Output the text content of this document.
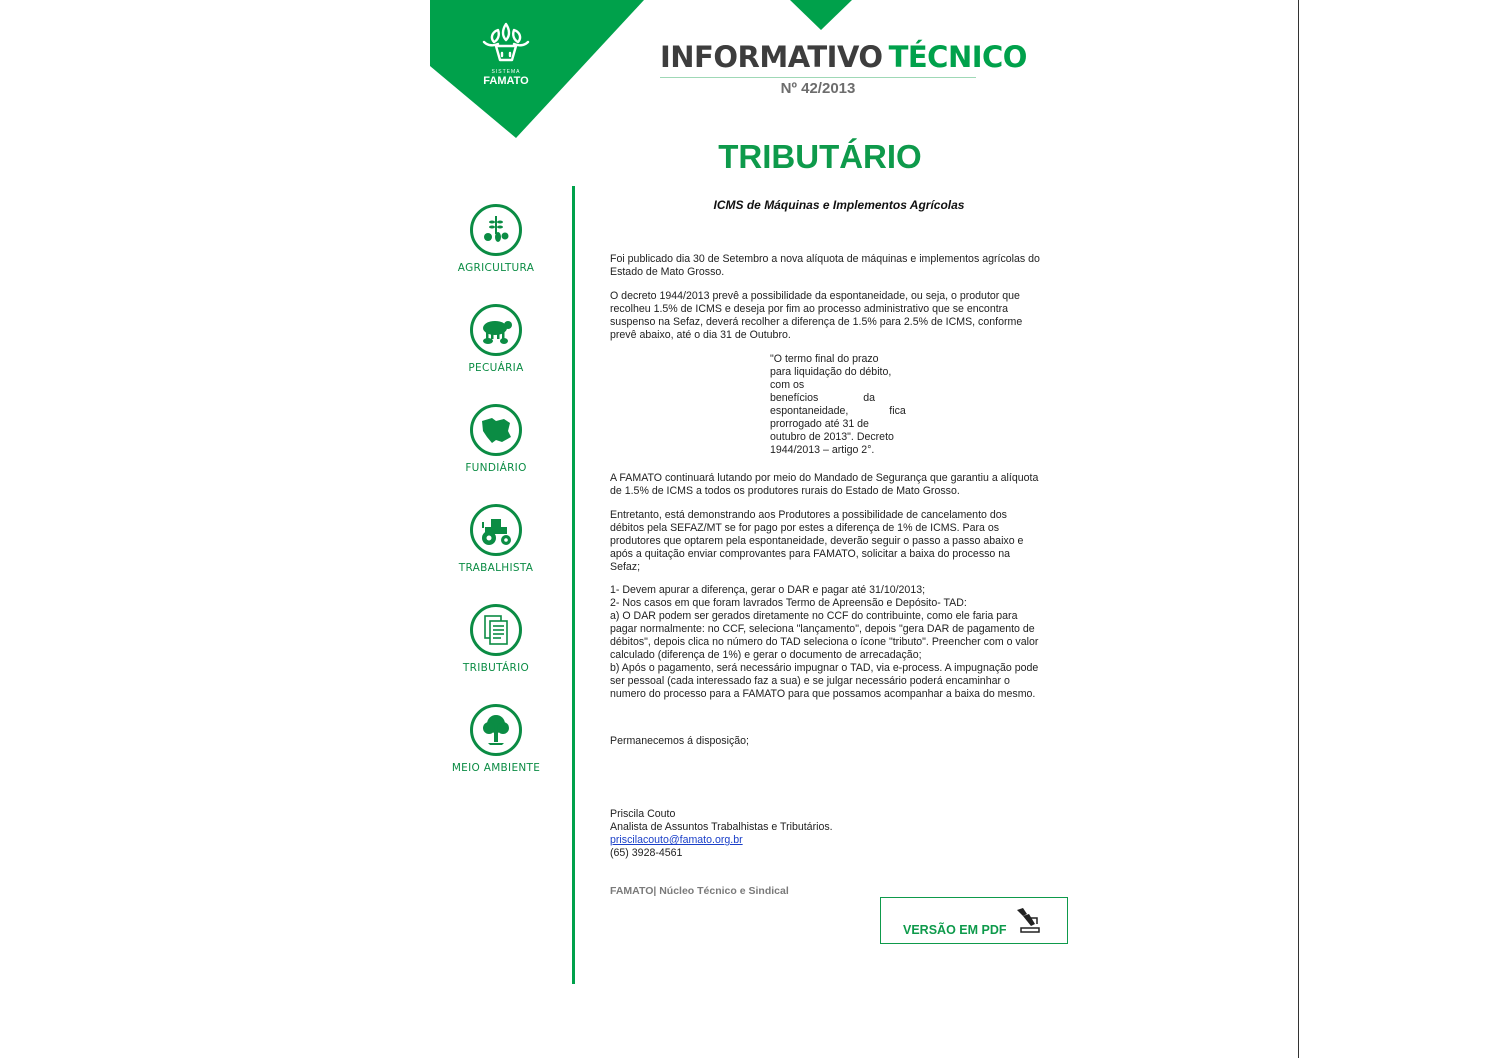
SISTEMA
FAMATO
INFORMATIVO TÉCNICO
Nº 42/2013
TRIBUTÁRIO
AGRICULTURA
PECUÁRIA
FUNDIÁRIO
TRABALHISTA
TRIBUTÁRIO
MEIO AMBIENTE
ICMS de Máquinas e Implementos Agrícolas
Foi publicado dia 30 de Setembro a nova alíquota de máquinas e implementos agrícolas do
Estado de Mato Grosso.
O decreto 1944/2013 prevê a possibilidade da espontaneidade, ou seja, o produtor que
recolheu 1.5% de ICMS e deseja por fim ao processo administrativo que se encontra
suspenso na Sefaz, deverá recolher a diferença de 1.5% para 2.5% de ICMS, conforme
prevê abaixo, até o dia 31 de Outubro.
"O termo final do prazo
para liquidação do débito,
com os
benefícios da
espontaneidade, fica
prorrogado até 31 de
outubro de 2013". Decreto
1944/2013 – artigo 2°.
A FAMATO continuará lutando por meio do Mandado de Segurança que garantiu a alíquota
de 1.5% de ICMS a todos os produtores rurais do Estado de Mato Grosso.
Entretanto, está demonstrando aos Produtores a possibilidade de cancelamento dos
débitos pela SEFAZ/MT se for pago por estes a diferença de 1% de ICMS. Para os
produtores que optarem pela espontaneidade, deverão seguir o passo a passo abaixo e
após a quitação enviar comprovantes para FAMATO, solicitar a baixa do processo na
Sefaz;
1- Devem apurar a diferença, gerar o DAR e pagar até 31/10/2013;
2- Nos casos em que foram lavrados Termo de Apreensão e Depósito- TAD:
a) O DAR podem ser gerados diretamente no CCF do contribuinte, como ele faria para
pagar normalmente: no CCF, seleciona "lançamento", depois "gera DAR de pagamento de
débitos", depois clica no número do TAD seleciona o ícone "tributo". Preencher com o valor
calculado (diferença de 1%) e gerar o documento de arrecadação;
b) Após o pagamento, será necessário impugnar o TAD, via e-process. A impugnação pode
ser pessoal (cada interessado faz a sua) e se julgar necessário poderá encaminhar o
numero do processo para a FAMATO para que possamos acompanhar a baixa do mesmo.
Permanecemos á disposição;
Priscila Couto
Analista de Assuntos Trabalhistas e Tributários.
priscilacouto@famato.org.br
(65) 3928-4561
FAMATO| Núcleo Técnico e Sindical
VERSÃO EM PDF
